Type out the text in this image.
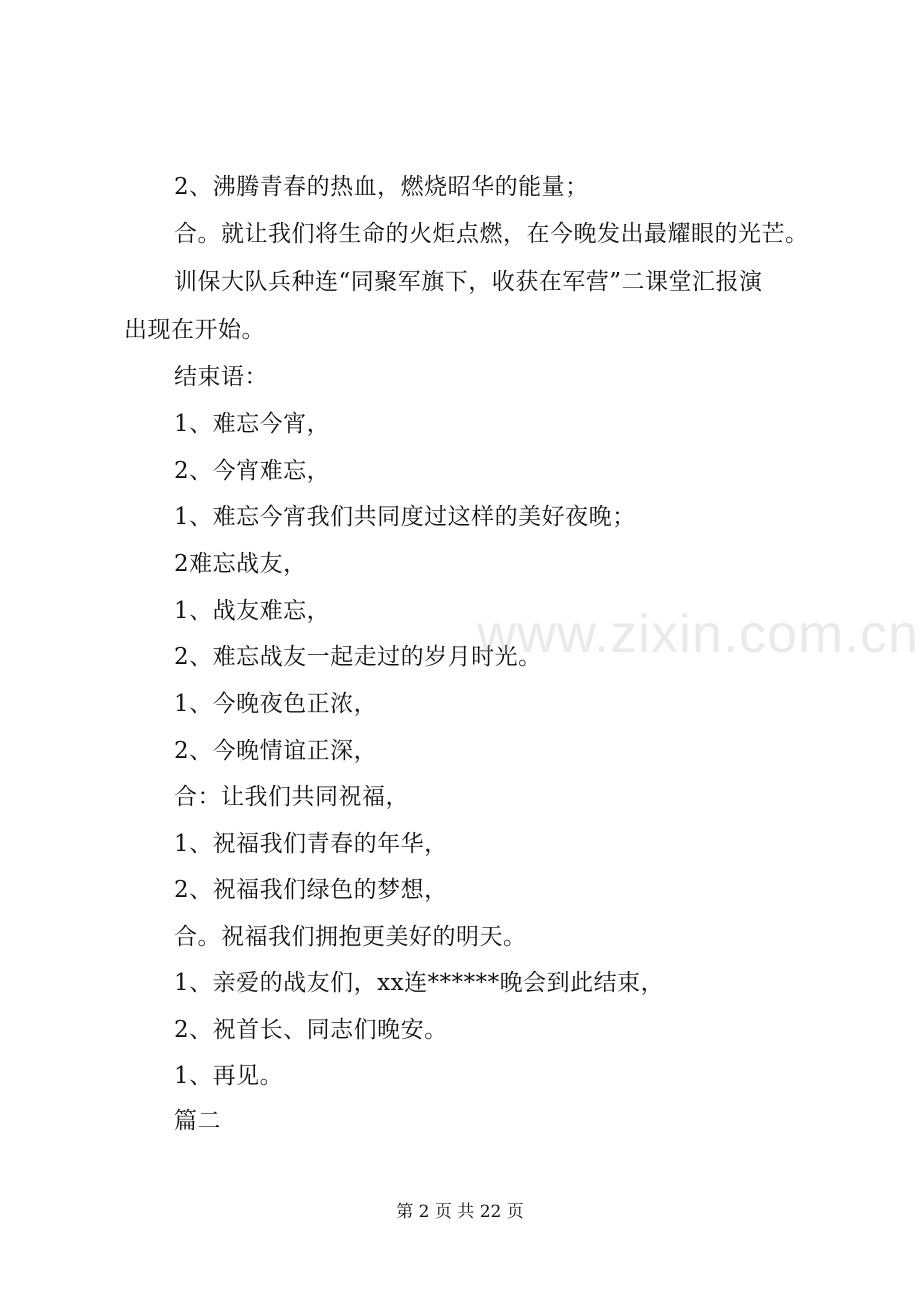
2、沸腾青春的热血，燃烧昭华的能量；
合。就让我们将生命的火炬点燃，在今晚发出最耀眼的光芒。
训保大队兵种连“同聚军旗下，收获在军营”二课堂汇报演
出现在开始。
结束语：
1、难忘今宵，
2、今宵难忘，
1、难忘今宵我们共同度过这样的美好夜晚；
2难忘战友，
1、战友难忘，
2、难忘战友一起走过的岁月时光。
1、今晚夜色正浓，
2、今晚情谊正深，
合：让我们共同祝福，
1、祝福我们青春的年华，
2、祝福我们绿色的梦想，
合。祝福我们拥抱更美好的明天。
1、亲爱的战友们，xx连******晚会到此结束，
2、祝首长、同志们晚安。
1、再见。
篇二
www.zixin.com.cn
第 2 页 共 22 页
